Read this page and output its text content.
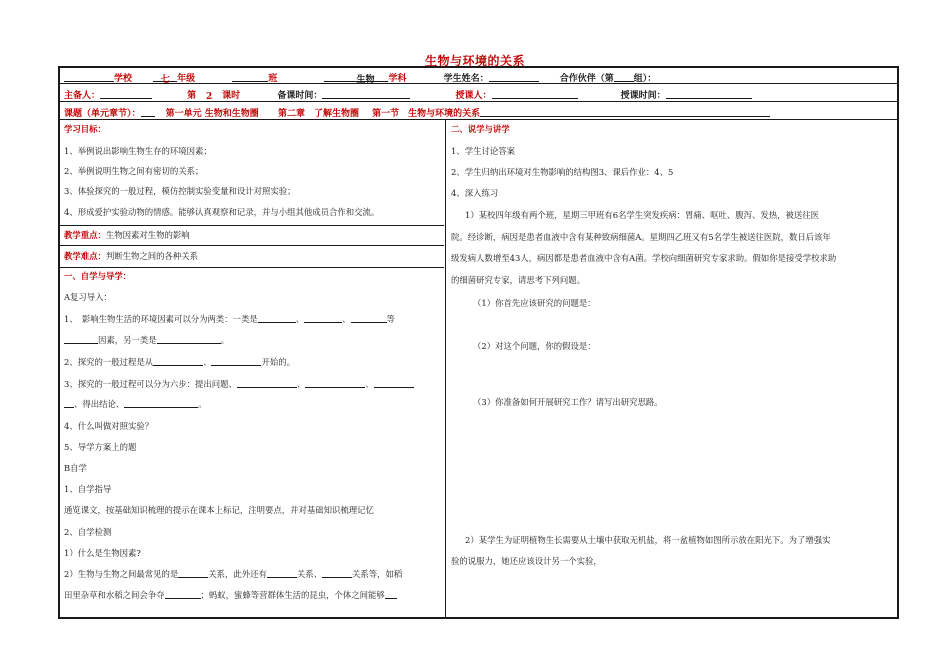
生物与环境的关系
学校	七 年级	班	生物 学科	学生姓名：	合作伙伴（第 组）：
主备人：	第 2 课时	备课时间：	授课人：	授课时间：
课题（单元章节）：	第一单元 生物和生物圈 第二章　了解生物圈 第一节　生物与环境的关系

学习目标：

1、举例说出影响生物生存的环境因素；

2、举例说明生物之间有密切的关系；

3、体验探究的一般过程，模仿控制实验变量和设计对照实验；

4、形成爱护实验动物的情感。能够认真观察和记录，并与小组其他成员合作和交流。

教学重点：生物因素对生物的影响

教学难点：判断生物之间的各种关系

一、自学与导学：

A复习导入：

1、　影响生物生活的环境因素可以分为两类：一类是	、	、	等

因素，另一类是	。

2、探究的一般过程是从	、	开始的。

3、探究的一般过程可以分为六步：提出问题、	、	、

、得出结论、	。

4、什么叫做对照实验？

5、导学方案上的题

B自学

1、自学指导

通览课文，按基础知识梳理的提示在课本上标记，注明要点，并对基础知识梳理记忆

2、自学检测

1）什么是生物因素?

2）生物与生物之间最常见的是	关系，此外还有	关系、	关系等，如稻

田里杂草和水稻之间会争夺	；蚂蚁，蜜蜂等营群体生活的昆虫，个体之间能够

二、说学与讲学

1、学生讨论答案

2、学生归纳出环境对生物影响的结构图3、课后作业：4、5

4、深入练习

1）某校四年级有两个班，星期三甲班有6名学生突发疾病：胃痛、呕吐、腹泻、发热，被送往医

院。经诊断，病因是患者血液中含有某种致病细菌A。星期四乙班又有5名学生被送往医院，数日后该年

级发病人数增至43人，病因都是患者血液中含有A菌。学校向细菌研究专家求助。假如你是接受学校求助

的细菌研究专家，请思考下列问题。

（1）你首先应该研究的问题是：

（2）对这个问题，你的假设是：

（3）你准备如何开展研究工作？请写出研究思路。

2）某学生为证明植物生长需要从土壤中获取无机盐，将一盆植物如图所示放在阳光下。为了增强实

验的说服力，她还应该设计另一个实验，
